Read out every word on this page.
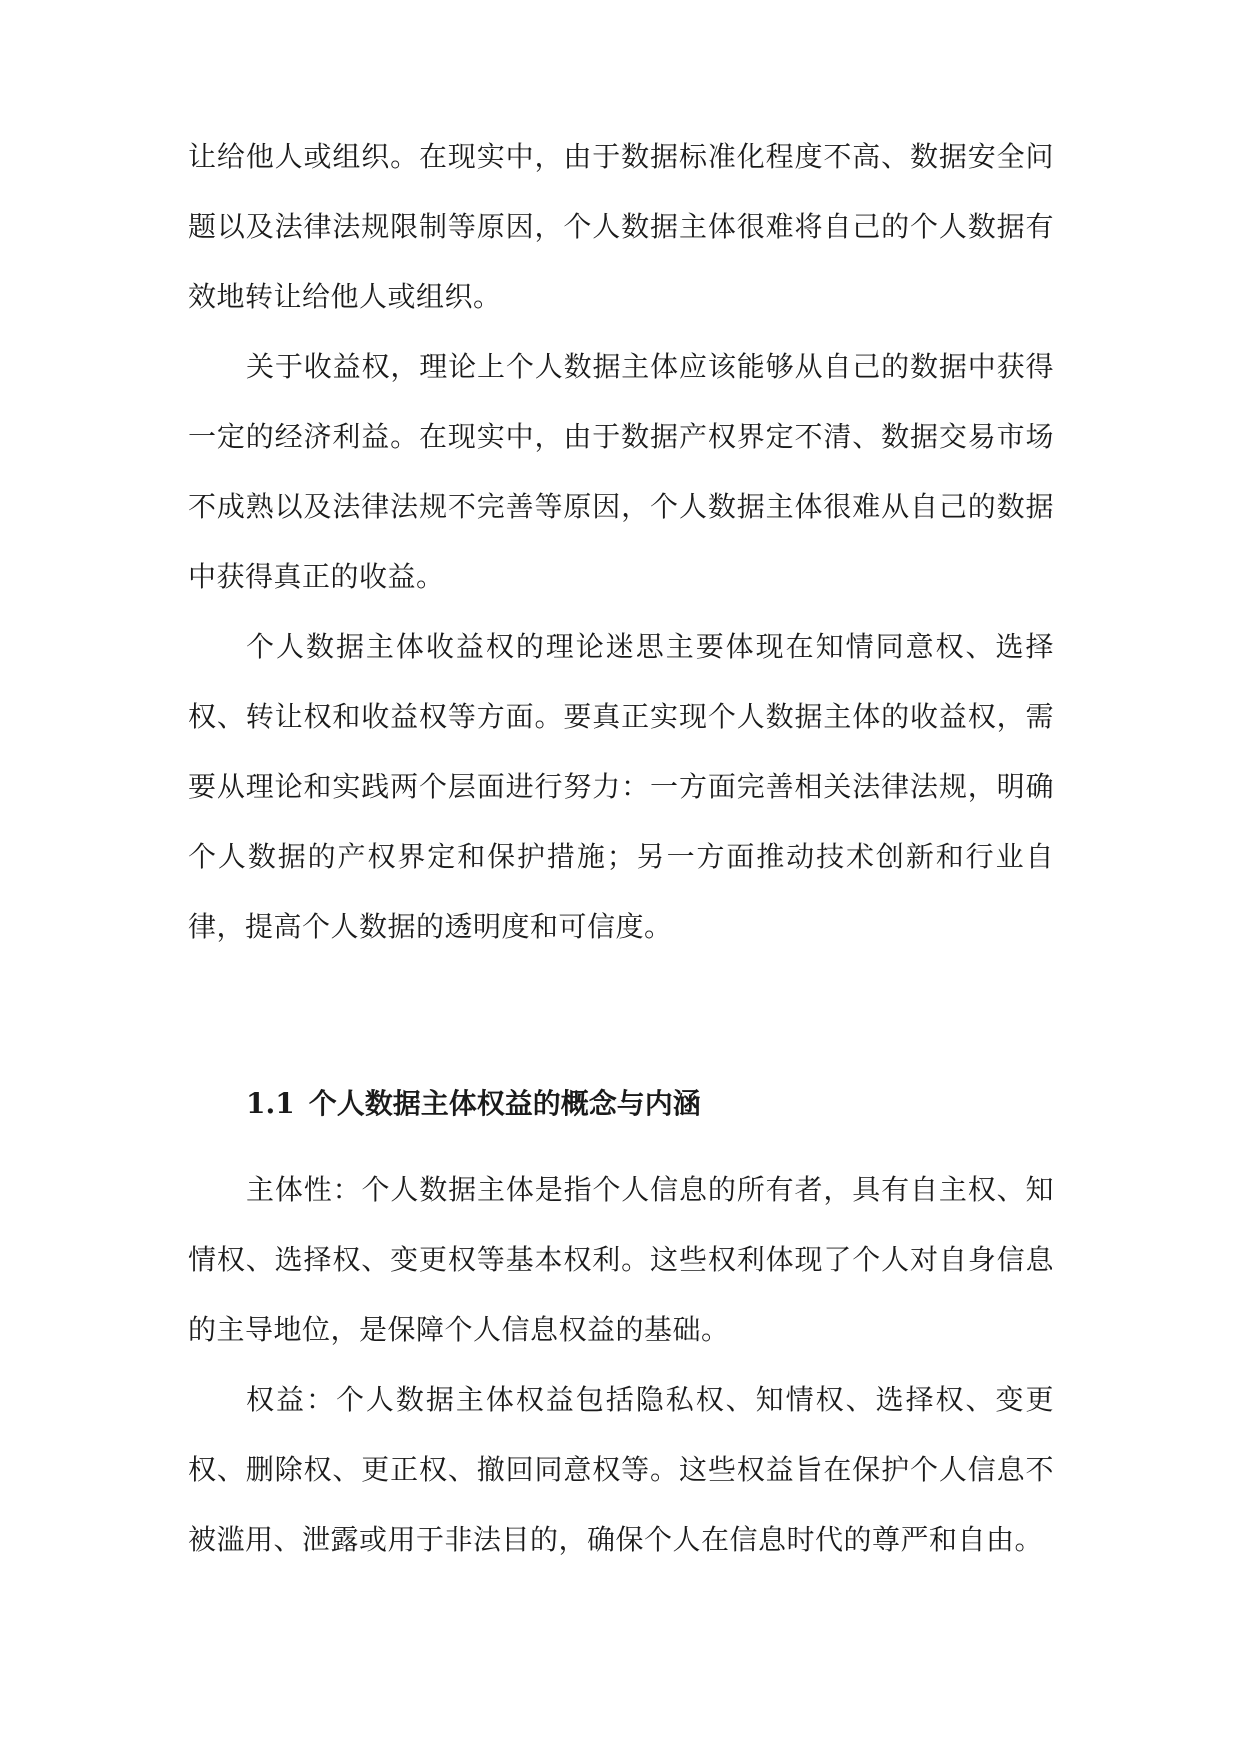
让给他人或组织。在现实中，由于数据标准化程度不高、数据安全问题以及法律法规限制等原因，个人数据主体很难将自己的个人数据有效地转让给他人或组织。

关于收益权，理论上个人数据主体应该能够从自己的数据中获得一定的经济利益。在现实中，由于数据产权界定不清、数据交易市场不成熟以及法律法规不完善等原因，个人数据主体很难从自己的数据中获得真正的收益。

个人数据主体收益权的理论迷思主要体现在知情同意权、选择权、转让权和收益权等方面。要真正实现个人数据主体的收益权，需要从理论和实践两个层面进行努力：一方面完善相关法律法规，明确个人数据的产权界定和保护措施；另一方面推动技术创新和行业自律，提高个人数据的透明度和可信度。

1.1 个人数据主体权益的概念与内涵

主体性：个人数据主体是指个人信息的所有者，具有自主权、知情权、选择权、变更权等基本权利。这些权利体现了个人对自身信息的主导地位，是保障个人信息权益的基础。

权益：个人数据主体权益包括隐私权、知情权、选择权、变更权、删除权、更正权、撤回同意权等。这些权益旨在保护个人信息不被滥用、泄露或用于非法目的，确保个人在信息时代的尊严和自由。
